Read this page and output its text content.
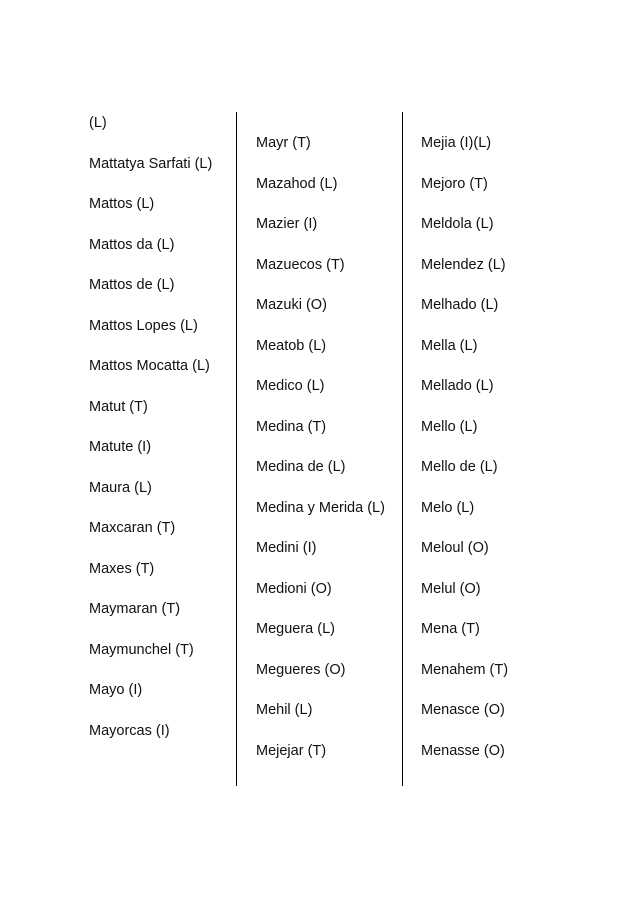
(L)
Mattatya Sarfati (L)
Mattos (L)
Mattos da (L)
Mattos de (L)
Mattos Lopes (L)
Mattos Mocatta (L)
Matut (T)
Matute (I)
Maura (L)
Maxcaran (T)
Maxes (T)
Maymaran (T)
Maymunchel (T)
Mayo (I)
Mayorcas (I)
Mayr (T)
Mazahod (L)
Mazier (I)
Mazuecos (T)
Mazuki (O)
Meatob (L)
Medico (L)
Medina (T)
Medina de (L)
Medina y Merida (L)
Medini (I)
Medioni (O)
Meguera (L)
Megueres (O)
Mehil (L)
Mejejar (T)
Mejia (I)(L)
Mejoro (T)
Meldola (L)
Melendez (L)
Melhado (L)
Mella (L)
Mellado (L)
Mello (L)
Mello de (L)
Melo (L)
Meloul (O)
Melul (O)
Mena (T)
Menahem (T)
Menasce (O)
Menasse (O)
